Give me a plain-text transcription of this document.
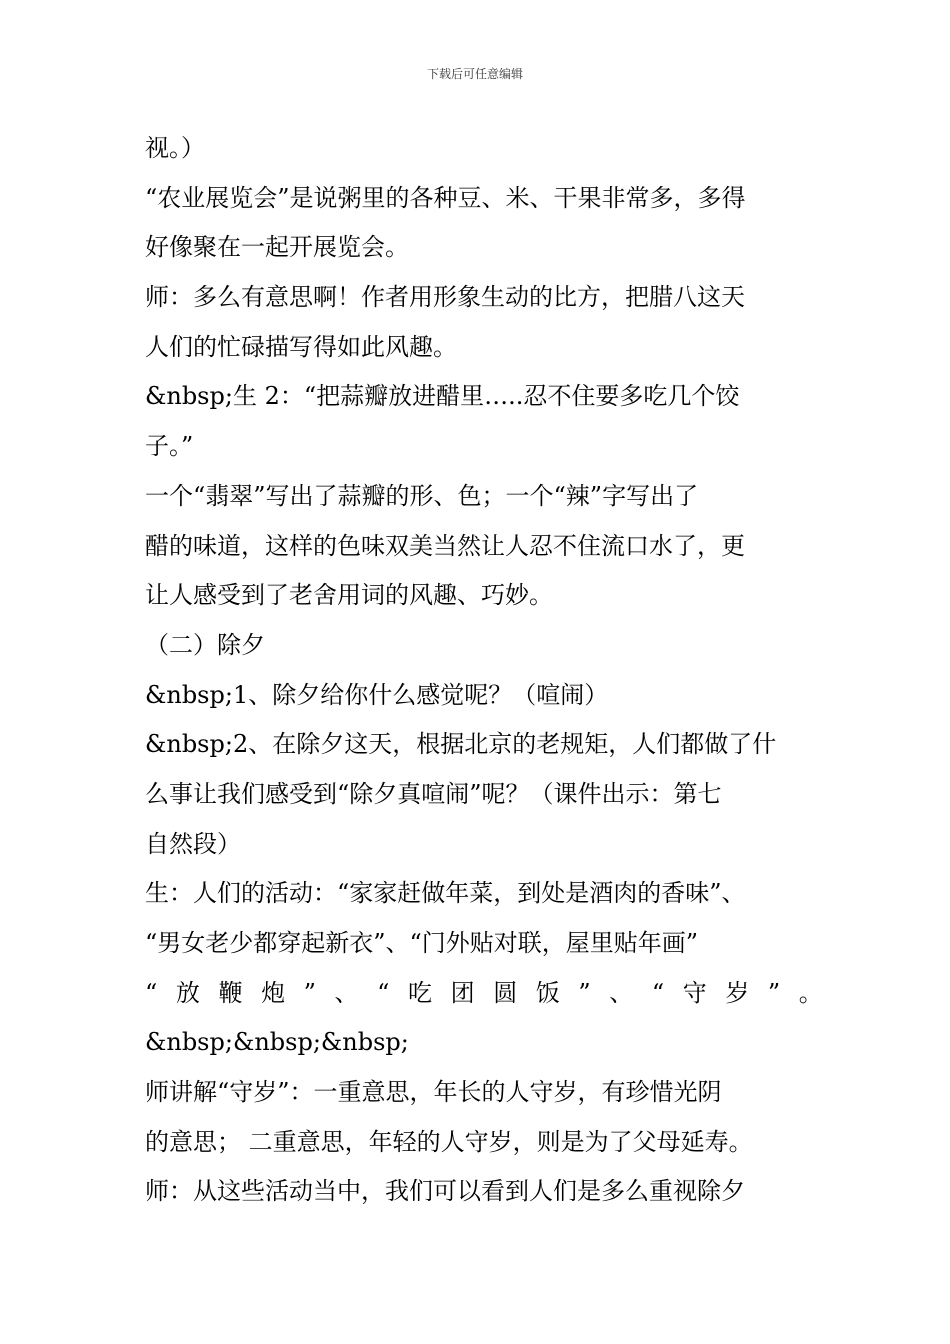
下载后可任意编辑
视。）
“农业展览会”是说粥里的各种豆、米、干果非常多，多得
好像聚在一起开展览会。
师：多么有意思啊！作者用形象生动的比方，把腊八这天
人们的忙碌描写得如此风趣。
&nbsp;生 2：“把蒜瓣放进醋里…..忍不住要多吃几个饺
子。”
一个“翡翠”写出了蒜瓣的形、色；一个“辣”字写出了
醋的味道，这样的色味双美当然让人忍不住流口水了，更
让人感受到了老舍用词的风趣、巧妙。
（二）除夕
&nbsp;1、除夕给你什么感觉呢？（喧闹）
&nbsp;2、在除夕这天，根据北京的老规矩，人们都做了什
么事让我们感受到“除夕真喧闹”呢？（课件出示：第七
自然段）
生：人们的活动：“家家赶做年菜，到处是酒肉的香味”、
“男女老少都穿起新衣”、“门外贴对联，屋里贴年画”
“ 放 鞭 炮 ” 、 “ 吃 团 圆 饭 ” 、 “ 守 岁 ” 。
&nbsp;&nbsp;&nbsp;
师讲解“守岁”：一重意思，年长的人守岁，有珍惜光阴
的意思； 二重意思，年轻的人守岁，则是为了父母延寿。
师：从这些活动当中，我们可以看到人们是多么重视除夕
